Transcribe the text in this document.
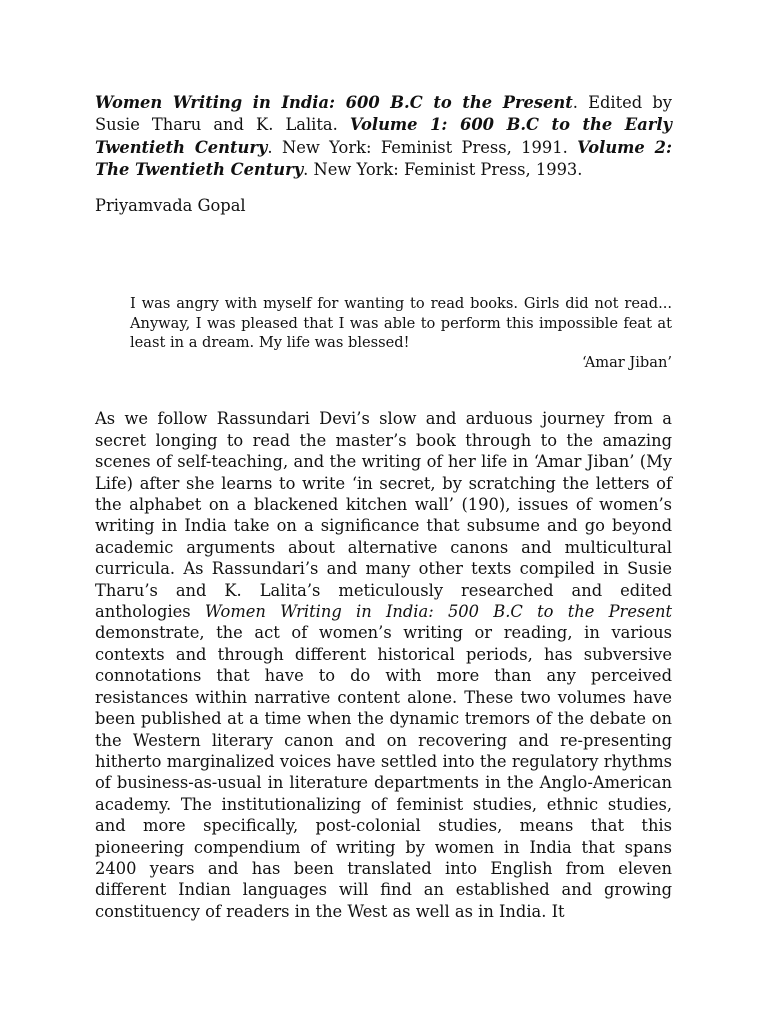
Women Writing in India: 600 B.C to the Present. Edited by Susie Tharu and K. Lalita. Volume 1: 600 B.C to the Early Twentieth Century. New York: Feminist Press, 1991. Volume 2: The Twentieth Century. New York: Feminist Press, 1993.

Priyamvada Gopal

I was angry with myself for wanting to read books. Girls did not read... Anyway, I was pleased that I was able to perform this impossible feat at least in a dream. My life was blessed!

‘Amar Jiban’

As we follow Rassundari Devi’s slow and arduous journey from a secret longing to read the master’s book through to the amazing scenes of self-teaching, and the writing of her life in ‘Amar Jiban’ (My Life) after she learns to write ‘in secret, by scratching the letters of the alphabet on a blackened kitchen wall’ (190), issues of women’s writing in India take on a significance that subsume and go beyond academic arguments about alternative canons and multicultural curricula. As Rassundari’s and many other texts compiled in Susie Tharu’s and K. Lalita’s meticulously researched and edited anthologies Women Writing in India: 500 B.C to the Present demonstrate, the act of women’s writing or reading, in various contexts and through different historical periods, has subversive connotations that have to do with more than any perceived resistances within narrative content alone. These two volumes have been published at a time when the dynamic tremors of the debate on the Western literary canon and on recovering and re-presenting hitherto marginalized voices have settled into the regulatory rhythms of business-as-usual in literature departments in the Anglo-American academy. The institutionalizing of feminist studies, ethnic studies, and more specifically, post-colonial studies, means that this pioneering compendium of writing by women in India that spans 2400 years and has been translated into English from eleven different Indian languages will find an established and growing constituency of readers in the West as well as in India. It
